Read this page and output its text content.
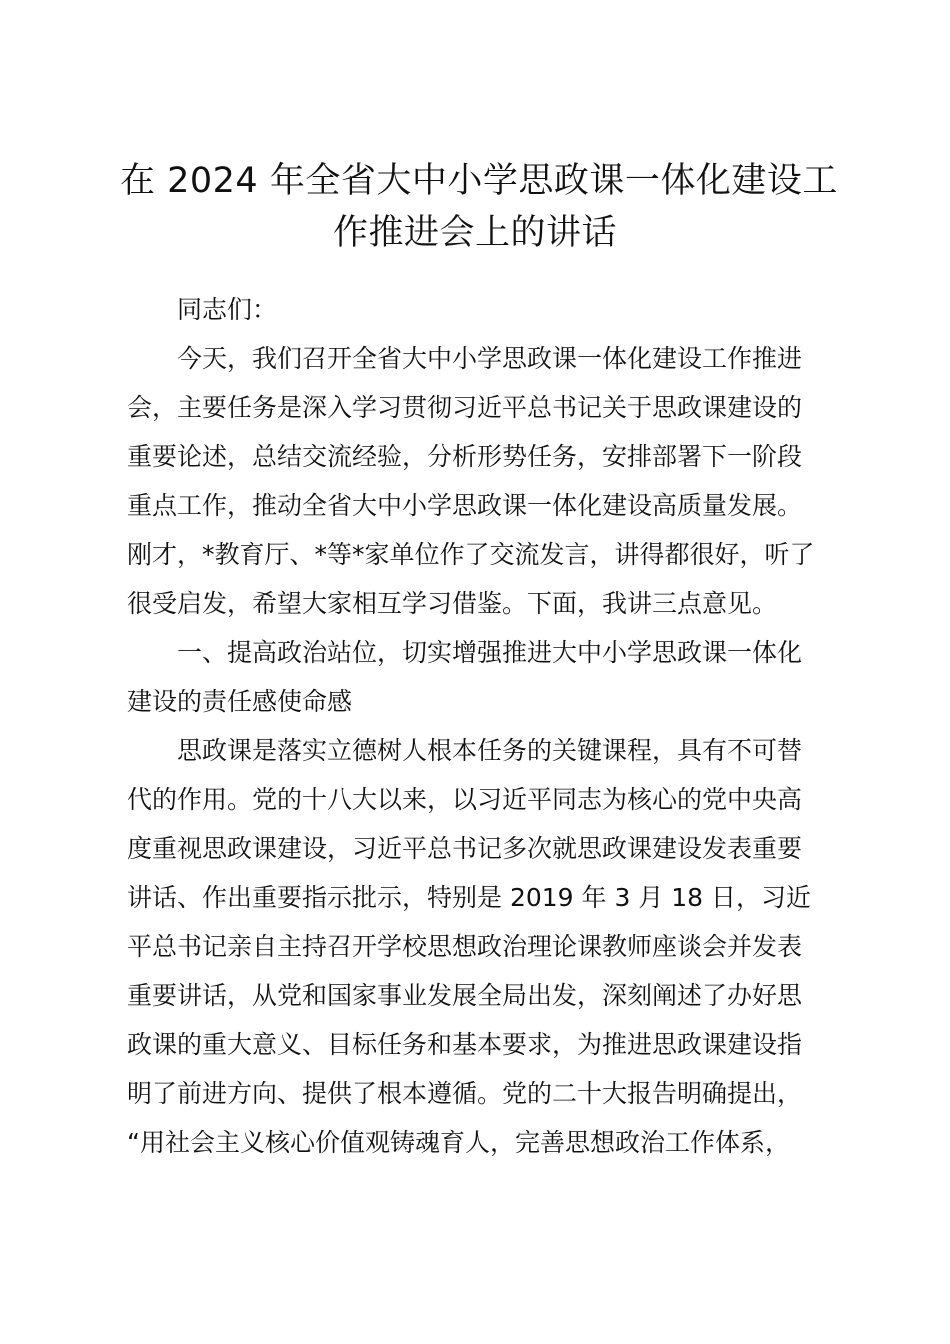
在 2024 年全省大中小学思政课一体化建设工
作推进会上的讲话
同志们：
今天，我们召开全省大中小学思政课一体化建设工作推进
会，主要任务是深入学习贯彻习近平总书记关于思政课建设的
重要论述，总结交流经验，分析形势任务，安排部署下一阶段
重点工作，推动全省大中小学思政课一体化建设高质量发展。
刚才，*教育厅、*等*家单位作了交流发言，讲得都很好，听了
很受启发，希望大家相互学习借鉴。下面，我讲三点意见。
一、提高政治站位，切实增强推进大中小学思政课一体化
建设的责任感使命感
思政课是落实立德树人根本任务的关键课程，具有不可替
代的作用。党的十八大以来，以习近平同志为核心的党中央高
度重视思政课建设，习近平总书记多次就思政课建设发表重要
讲话、作出重要指示批示，特别是 2019 年 3 月 18 日，习近
平总书记亲自主持召开学校思想政治理论课教师座谈会并发表
重要讲话，从党和国家事业发展全局出发，深刻阐述了办好思
政课的重大意义、目标任务和基本要求，为推进思政课建设指
明了前进方向、提供了根本遵循。党的二十大报告明确提出，
“用社会主义核心价值观铸魂育人，完善思想政治工作体系，
